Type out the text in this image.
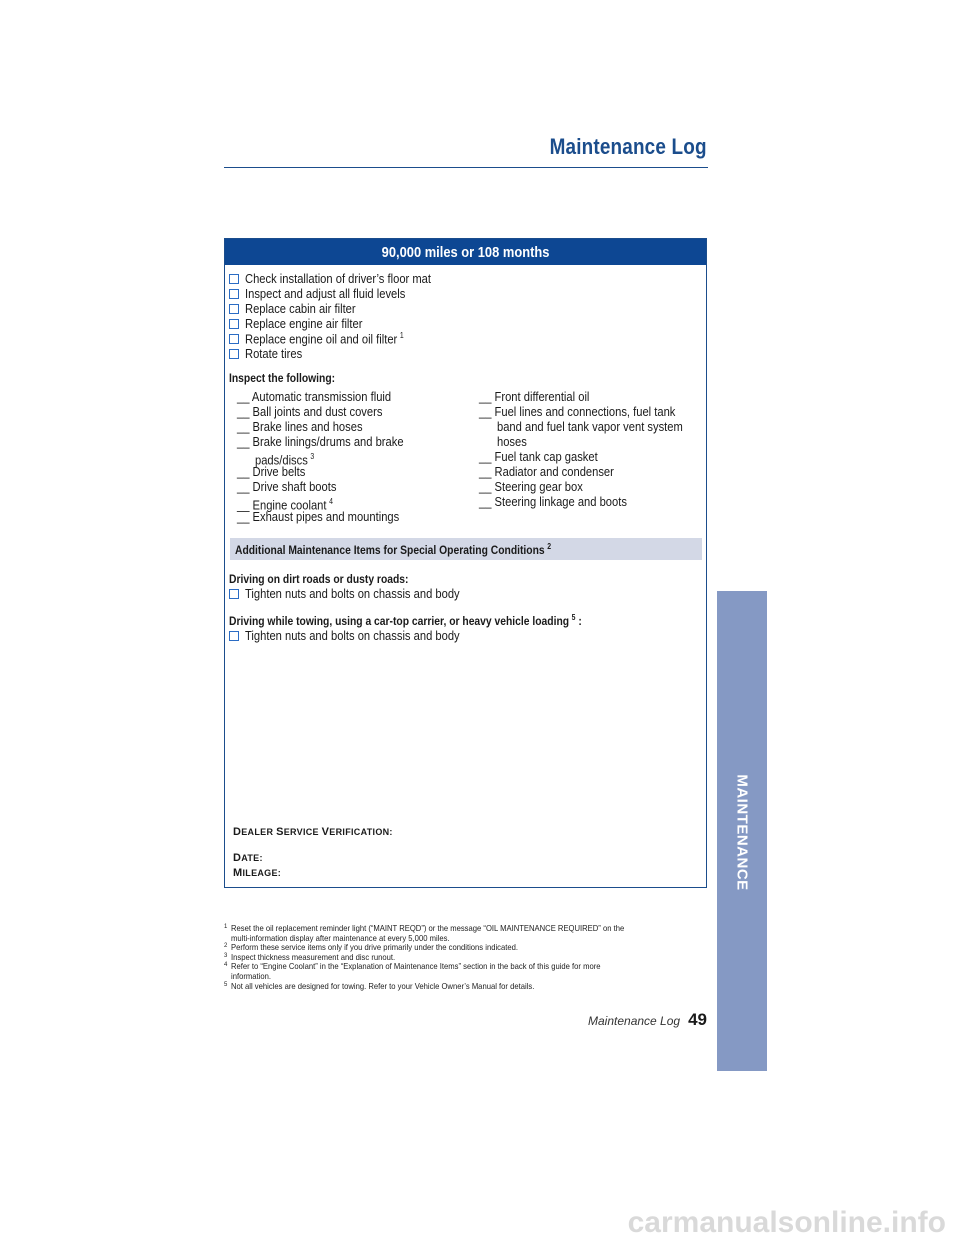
Maintenance Log
90,000 miles or 108 months
Check installation of driver’s floor mat
Inspect and adjust all fluid levels
Replace cabin air filter
Replace engine air filter
Replace engine oil and oil filter $^1$
Rotate tires
Inspect the following:
__ Automatic transmission fluid
__ Ball joints and dust covers
__ Brake lines and hoses
__ Brake linings/drums and brake
pads/discs $^3$
__ Drive belts
__ Drive shaft boots
__ Engine coolant $^4$
__ Exhaust pipes and mountings
__ Front differential oil
__ Fuel lines and connections, fuel tank
band and fuel tank vapor vent system
hoses
__ Fuel tank cap gasket
__ Radiator and condenser
__ Steering gear box
__ Steering linkage and boots
Additional Maintenance Items for Special Operating Conditions $^2$
Driving on dirt roads or dusty roads:
Tighten nuts and bolts on chassis and body
Driving while towing, using a car-top carrier, or heavy vehicle loading $^5$ :
Tighten nuts and bolts on chassis and body
DEALER SERVICE VERIFICATION:
DATE:
MILEAGE:
1 Reset the oil replacement reminder light (“MAINT REQD”) or the message “OIL MAINTENANCE REQUIRED” on the
multi-information display after maintenance at every 5,000 miles.
2 Perform these service items only if you drive primarily under the conditions indicated.
3 Inspect thickness measurement and disc runout.
4 Refer to “Engine Coolant” in the “Explanation of Maintenance Items” section in the back of this guide for more
information.
5 Not all vehicles are designed for towing. Refer to your Vehicle Owner’s Manual for details.
Maintenance Log 49
MAINTENANCE
carmanualsonline.info
